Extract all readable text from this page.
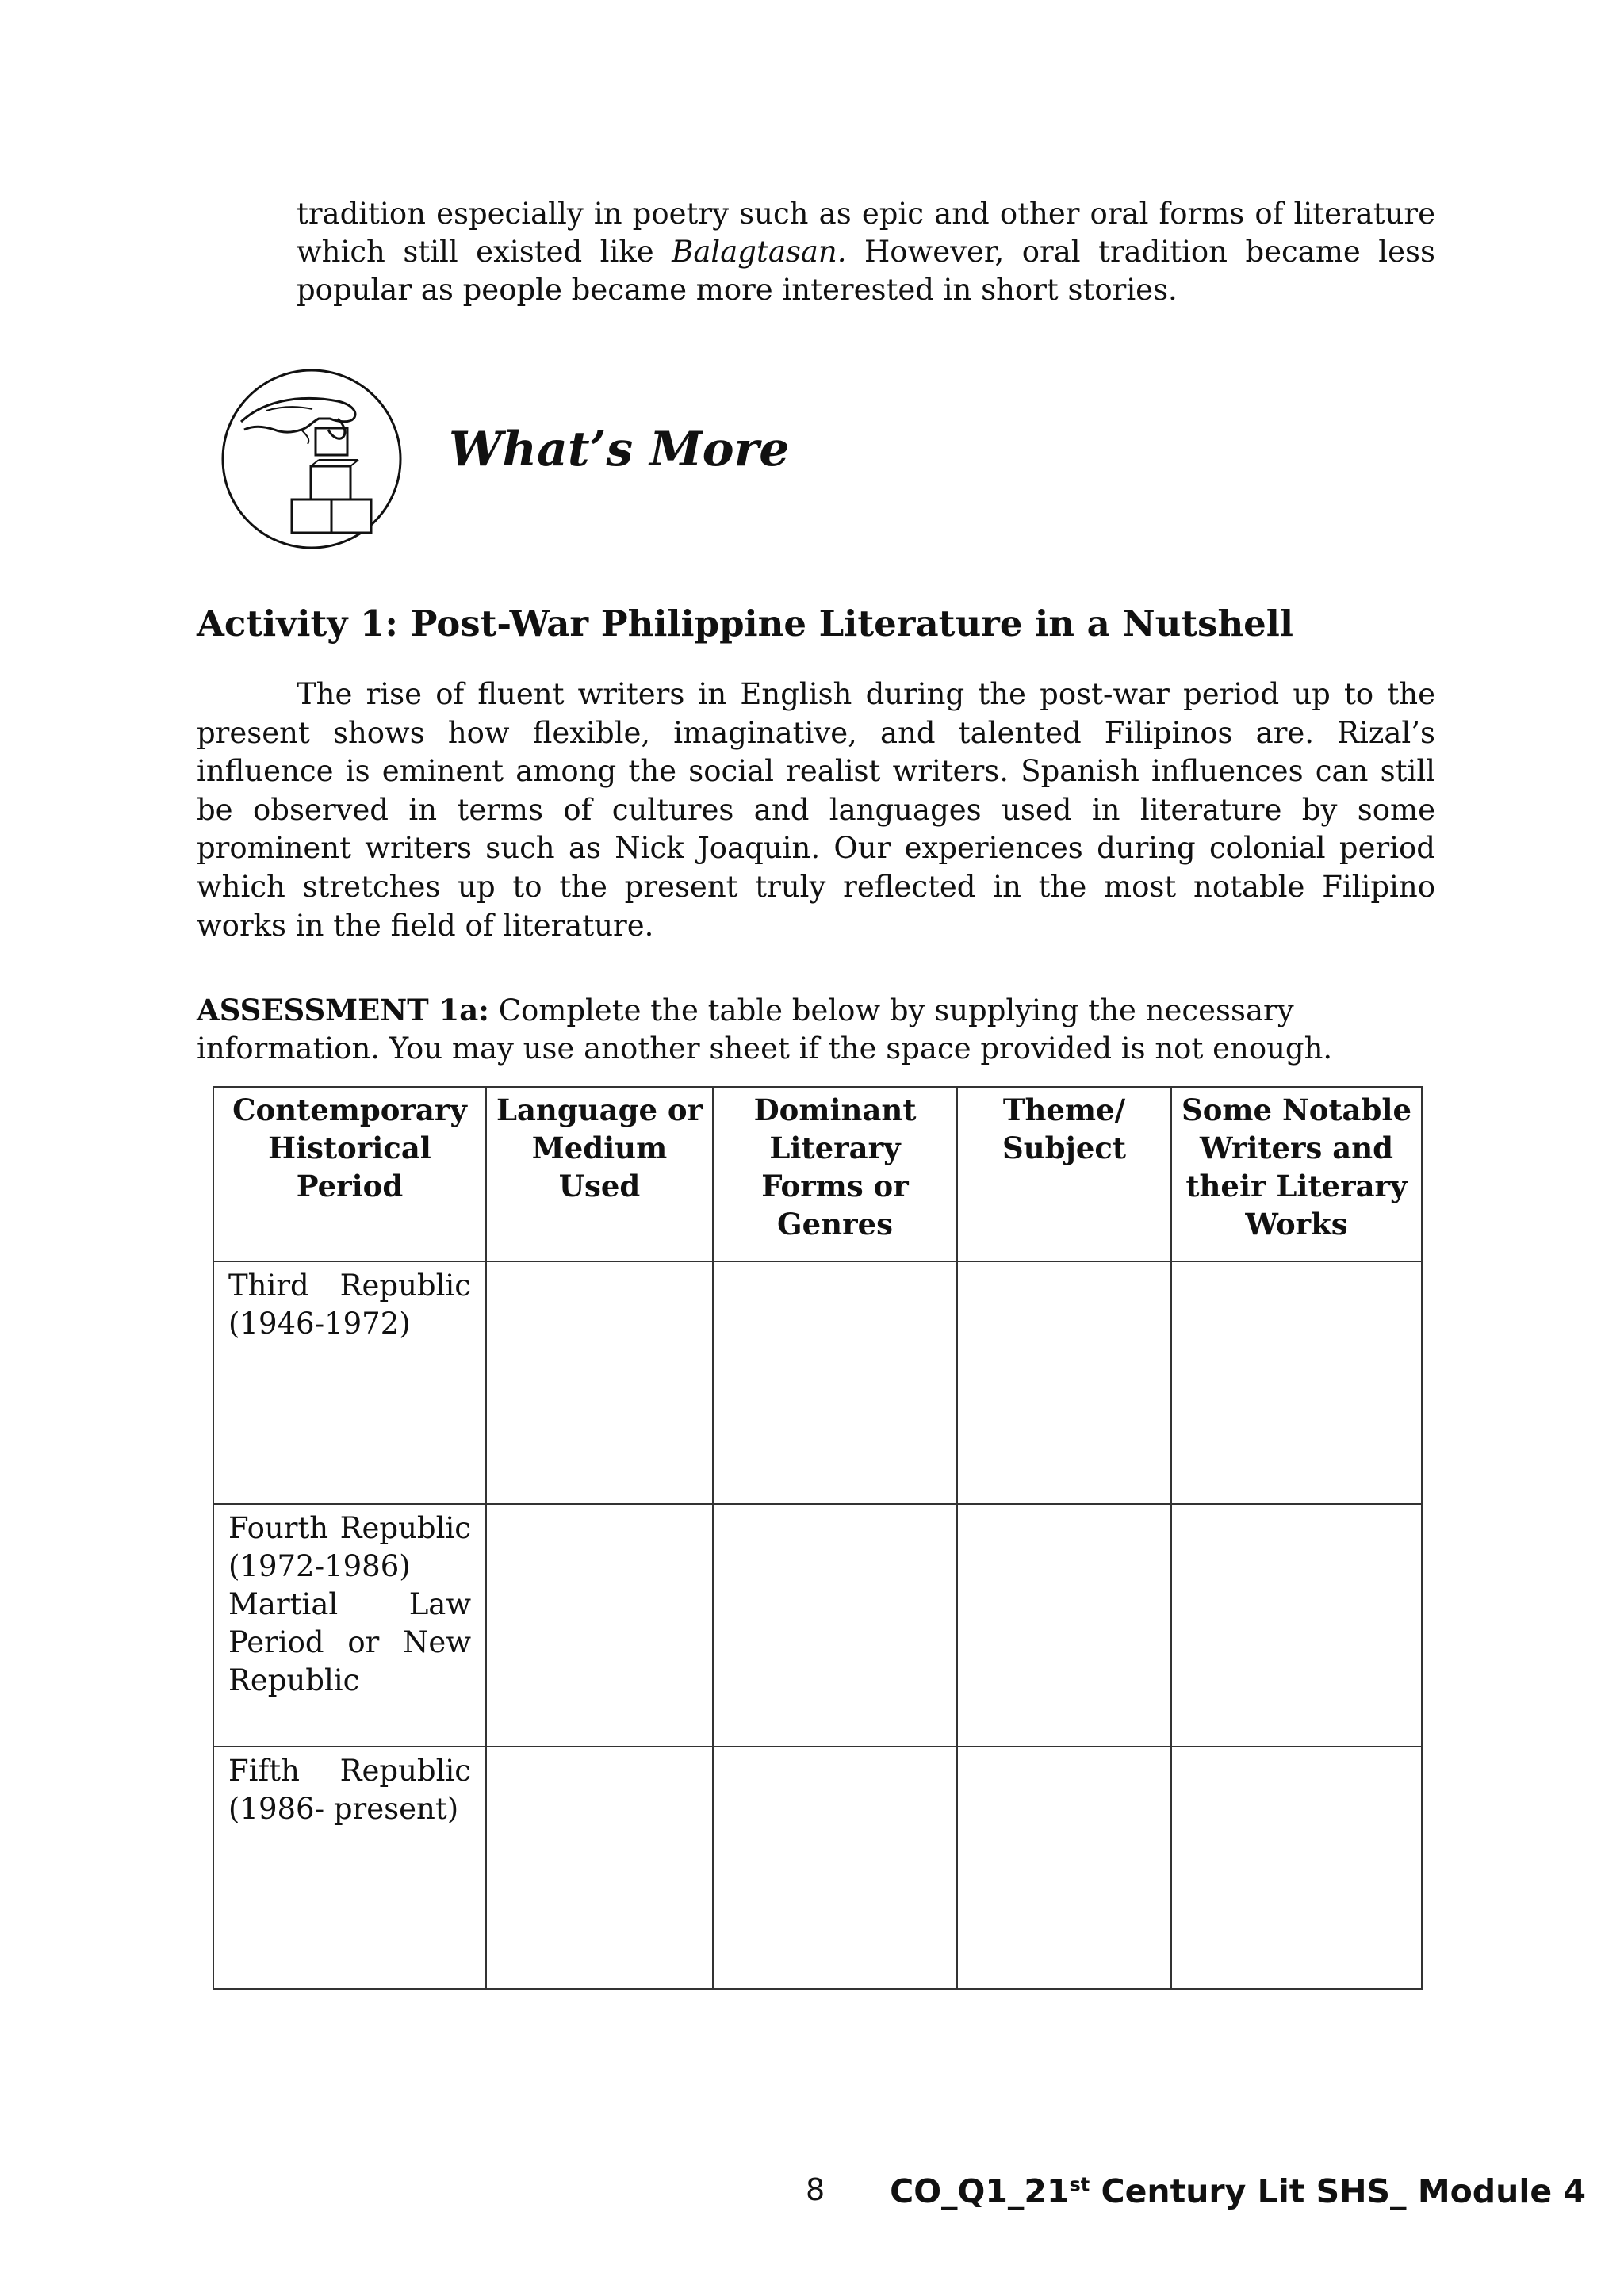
tradition especially in poetry such as epic and other oral forms of literature which still existed like Balagtasan. However, oral tradition became less popular as people became more interested in short stories.
What’s More
Activity 1: Post-War Philippine Literature in a Nutshell
The rise of fluent writers in English during the post-war period up to the present shows how flexible, imaginative, and talented Filipinos are. Rizal’s influence is eminent among the social realist writers. Spanish influences can still be observed in terms of cultures and languages used in literature by some prominent writers such as Nick Joaquin. Our experiences during colonial period which stretches up to the present truly reflected in the most notable Filipino works in the field of literature.
ASSESSMENT 1a: Complete the table below by supplying the necessary information. You may use another sheet if the space provided is not enough.
Contemporary Historical Period	Language or Medium Used	Dominant Literary Forms or Genres	Theme/ Subject	Some Notable Writers and their Literary Works
Third Republic (1946-1972)				
Fourth Republic (1972-1986) Martial Law Period or New Republic				
Fifth Republic (1986- present)				
8 CO_Q1_21st Century Lit SHS_ Module 4
